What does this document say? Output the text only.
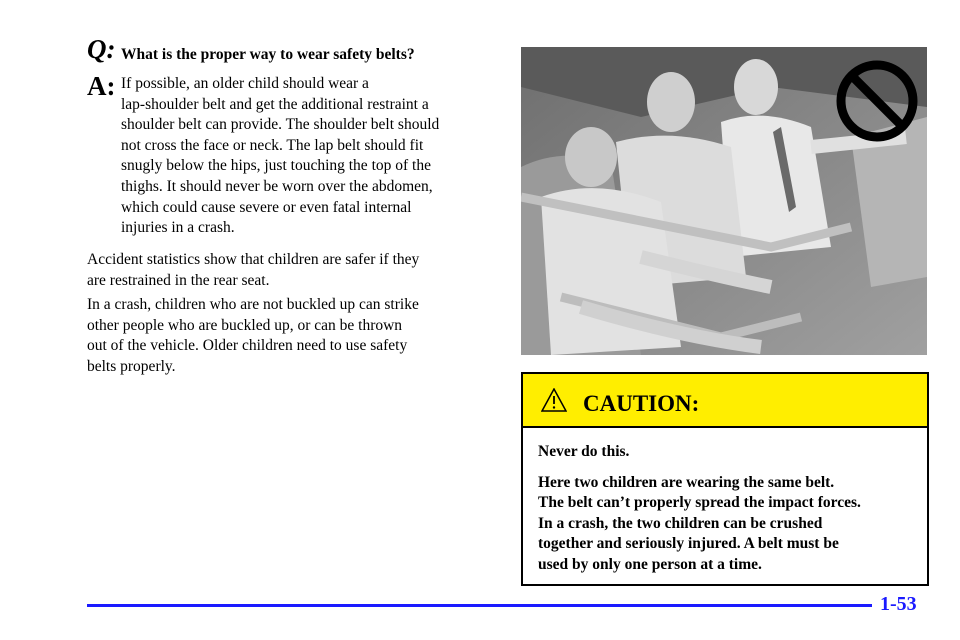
Q: What is the proper way to wear safety belts?
A: If possible, an older child should wear a
lap‑shoulder belt and get the additional restraint a
shoulder belt can provide. The shoulder belt should
not cross the face or neck. The lap belt should fit
snugly below the hips, just touching the top of the
thighs. It should never be worn over the abdomen,
which could cause severe or even fatal internal
injuries in a crash.
Accident statistics show that children are safer if they
are restrained in the rear seat.
In a crash, children who are not buckled up can strike
other people who are buckled up, or can be thrown
out of the vehicle. Older children need to use safety
belts properly.
CAUTION:

Never do this.

Here two children are wearing the same belt.
The belt can’t properly spread the impact forces.
In a crash, the two children can be crushed
together and seriously injured. A belt must be
used by only one person at a time.

1-53
